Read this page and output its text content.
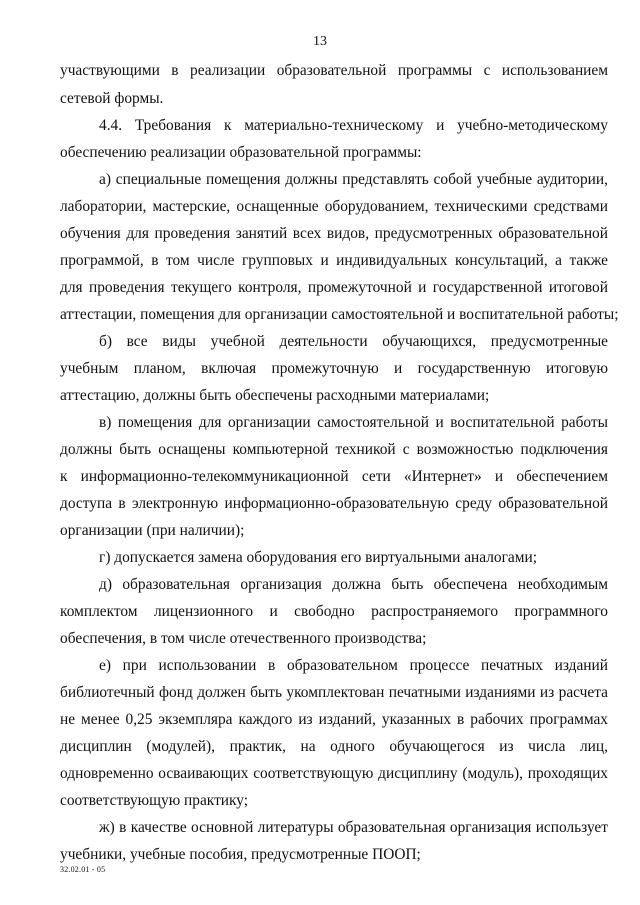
13
участвующими в реализации образовательной программы с использованием
сетевой формы.
4.4. Требования к материально-техническому и учебно-методическому
обеспечению реализации образовательной программы:
а) специальные помещения должны представлять собой учебные аудитории,
лаборатории, мастерские, оснащенные оборудованием, техническими средствами
обучения для проведения занятий всех видов, предусмотренных образовательной
программой, в том числе групповых и индивидуальных консультаций, а также
для проведения текущего контроля, промежуточной и государственной итоговой
аттестации, помещения для организации самостоятельной и воспитательной работы;
б) все виды учебной деятельности обучающихся, предусмотренные
учебным планом, включая промежуточную и государственную итоговую
аттестацию, должны быть обеспечены расходными материалами;
в) помещения для организации самостоятельной и воспитательной работы
должны быть оснащены компьютерной техникой с возможностью подключения
к информационно-телекоммуникационной сети «Интернет» и обеспечением
доступа в электронную информационно-образовательную среду образовательной
организации (при наличии);
г) допускается замена оборудования его виртуальными аналогами;
д) образовательная организация должна быть обеспечена необходимым
комплектом лицензионного и свободно распространяемого программного
обеспечения, в том числе отечественного производства;
е) при использовании в образовательном процессе печатных изданий
библиотечный фонд должен быть укомплектован печатными изданиями из расчета
не менее 0,25 экземпляра каждого из изданий, указанных в рабочих программах
дисциплин (модулей), практик, на одного обучающегося из числа лиц,
одновременно осваивающих соответствующую дисциплину (модуль), проходящих
соответствующую практику;
ж) в качестве основной литературы образовательная организация использует
учебники, учебные пособия, предусмотренные ПООП;
32.02.01 - 05
